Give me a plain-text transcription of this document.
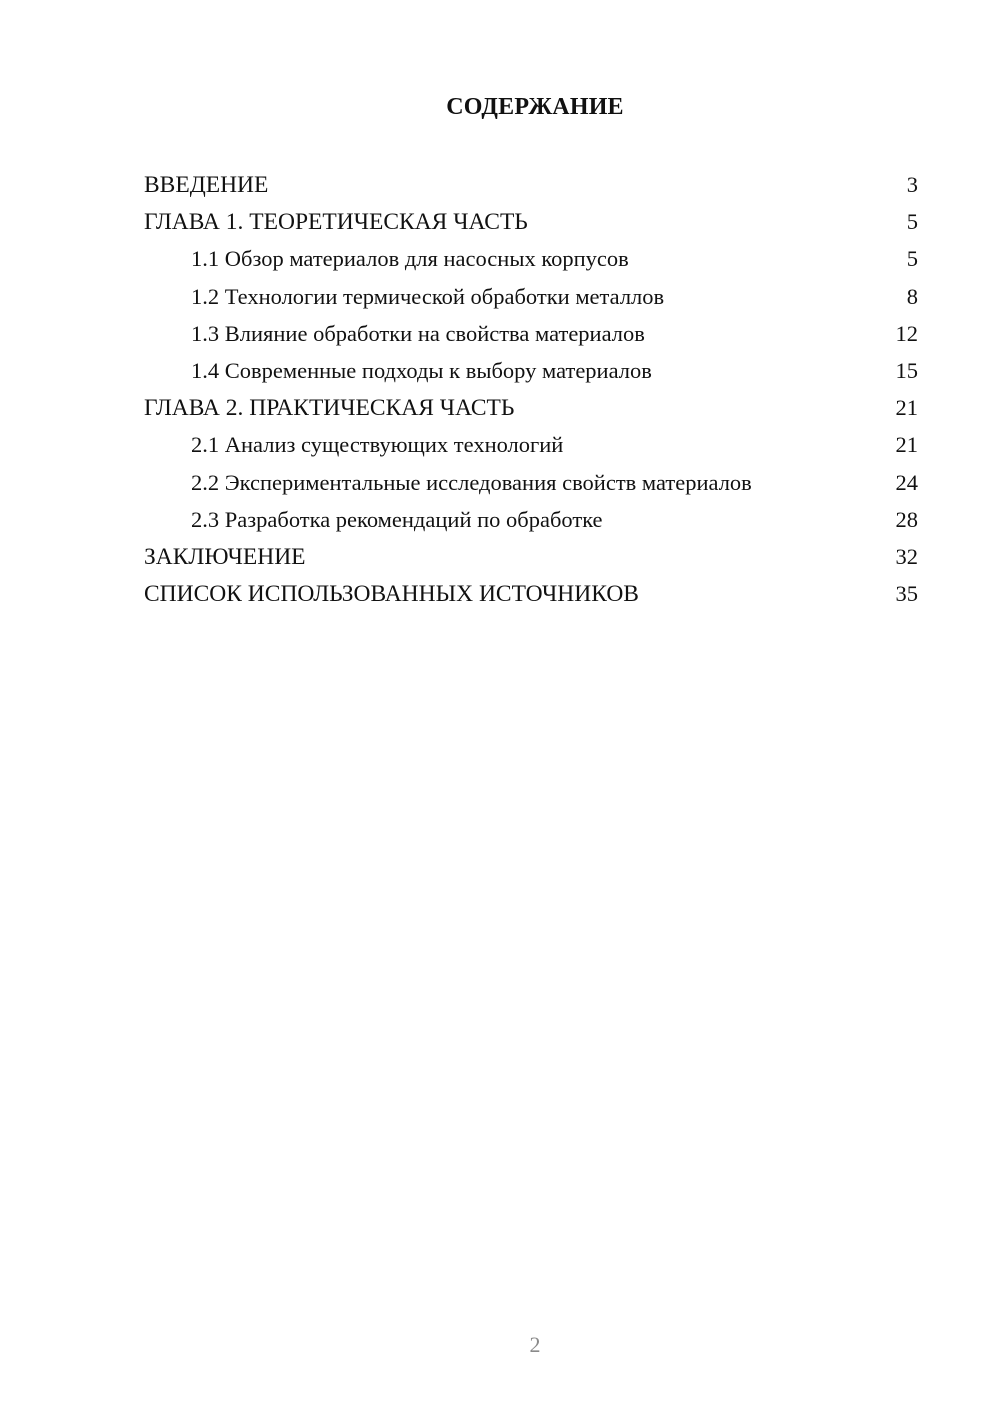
СОДЕРЖАНИЕ
ВВЕДЕНИЕ	3
ГЛАВА 1. ТЕОРЕТИЧЕСКАЯ ЧАСТЬ	5
1.1 Обзор материалов для насосных корпусов	5
1.2 Технологии термической обработки металлов	8
1.3 Влияние обработки на свойства материалов	12
1.4 Современные подходы к выбору материалов	15
ГЛАВА 2. ПРАКТИЧЕСКАЯ ЧАСТЬ	21
2.1 Анализ существующих технологий	21
2.2 Экспериментальные исследования свойств материалов	24
2.3 Разработка рекомендаций по обработке	28
ЗАКЛЮЧЕНИЕ	32
СПИСОК ИСПОЛЬЗОВАННЫХ ИСТОЧНИКОВ	35
2
